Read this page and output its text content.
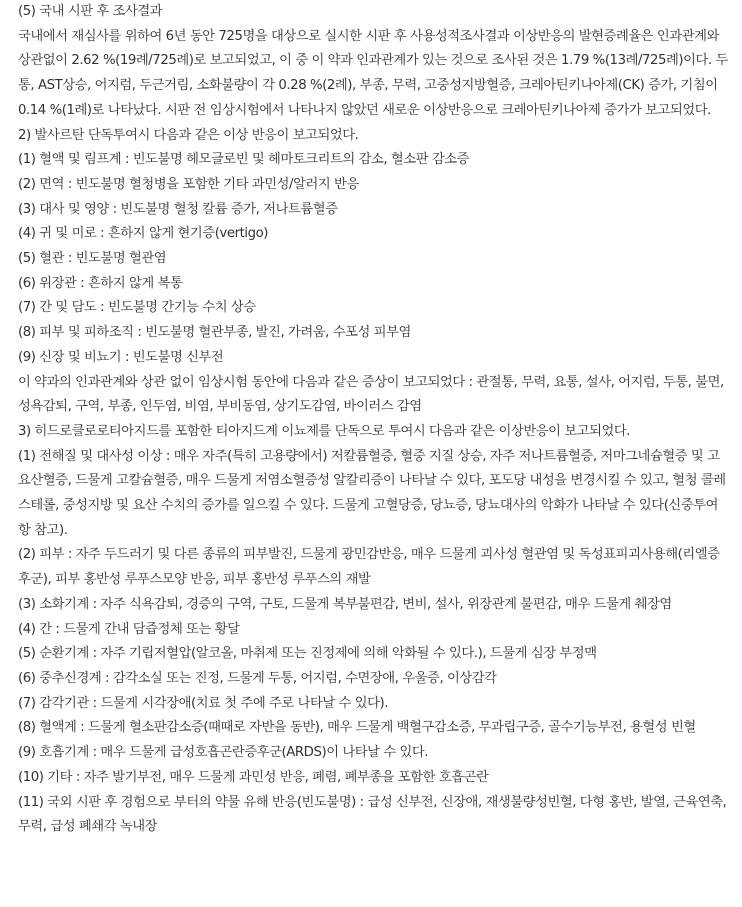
(5) 국내 시판 후 조사결과

국내에서 재심사를 위하여 6년 동안 725명을 대상으로 실시한 시판 후 사용성적조사결과 이상반응의 발현증례율은 인과관계와 상관없이 2.62 %(19례/725례)로 보고되었고, 이 중 이 약과 인과관계가 있는 것으로 조사된 것은 1.79 %(13례/725례)이다. 두통, AST상승, 어지럼, 두근거림, 소화불량이 각 0.28 %(2례), 부종, 무력, 고중성지방혈증, 크레아틴키나아제(CK) 증가, 기침이 0.14 %(1례)로 나타났다. 시판 전 임상시험에서 나타나지 않았던 새로운 이상반응으로 크레아틴키나아제 증가가 보고되었다.

2) 발사르탄 단독투여시 다음과 같은 이상 반응이 보고되었다.

(1) 혈액 및 림프계 : 빈도불명 헤모글로빈 및 헤마토크리트의 감소, 혈소판 감소증

(2) 면역 : 빈도불명 혈청병을 포함한 기타 과민성/알러지 반응

(3) 대사 및 영양 : 빈도불명 혈청 칼륨 증가, 저나트륨혈증

(4) 귀 및 미로 : 흔하지 않게 현기증(vertigo)

(5) 혈관 : 빈도불명 혈관염

(6) 위장관 : 흔하지 않게 복통

(7) 간 및 담도 : 빈도불명 간기능 수치 상승

(8) 피부 및 피하조직 : 빈도불명 혈관부종, 발진, 가려움, 수포성 피부염

(9) 신장 및 비뇨기 : 빈도불명 신부전

이 약과의 인과관계와 상관 없이 임상시험 동안에 다음과 같은 증상이 보고되었다 : 관절통, 무력, 요통, 설사, 어지럼, 두통, 불면, 성욕감퇴, 구역, 부종, 인두염, 비염, 부비동염, 상기도감염, 바이러스 감염

3) 히드로클로로티아지드를 포함한 티아지드계 이뇨제를 단독으로 투여시 다음과 같은 이상반응이 보고되었다.

(1) 전해질 및 대사성 이상 : 매우 자주(특히 고용량에서) 저칼륨혈증, 혈중 지질 상승, 자주 저나트륨혈증, 저마그네슘혈증 및 고요산혈증, 드물게 고칼슘혈증, 매우 드물게 저염소혈증성 알칼리증이 나타날 수 있다, 포도당 내성을 변경시킬 수 있고, 혈청 콜레스테롤, 중성지방 및 요산 수치의 증가를 일으킬 수 있다. 드물게 고혈당증, 당뇨증, 당뇨대사의 악화가 나타날 수 있다(신중투여항 참고).

(2) 피부 : 자주 두드러기 및 다른 종류의 피부발진, 드물게 광민감반응, 매우 드물게 괴사성 혈관염 및 독성표피괴사용해(리엘증후군), 피부 홍반성 루푸스모양 반응, 피부 홍반성 루푸스의 재발

(3) 소화기계 : 자주 식욕감퇴, 경증의 구역, 구토, 드물게 복부불편감, 변비, 설사, 위장관계 불편감, 매우 드물게 췌장염

(4) 간 : 드물게 간내 담즙정체 또는 황달

(5) 순환기계 : 자주 기립저혈압(알코올, 마취제 또는 진정제에 의해 악화될 수 있다.), 드물게 심장 부정맥

(6) 중추신경계 : 감각소실 또는 진정, 드물게 두통, 어지럼, 수면장애, 우울증, 이상감각

(7) 감각기관 : 드물게 시각장애(치료 첫 주에 주로 나타날 수 있다).

(8) 혈액계 : 드물게 혈소판감소증(때때로 자반을 동반), 매우 드물게 백혈구감소증, 무과립구증, 골수기능부전, 용혈성 빈혈

(9) 호흡기계 : 매우 드물게 급성호흡곤란증후군(ARDS)이 나타날 수 있다.

(10) 기타 : 자주 발기부전, 매우 드물게 과민성 반응, 폐렴, 폐부종을 포함한 호흡곤란

(11) 국외 시판 후 경험으로 부터의 약물 유해 반응(빈도불명) : 급성 신부전, 신장애, 재생불량성빈혈, 다형 홍반, 발열, 근육연축, 무력, 급성 폐쇄각 녹내장
